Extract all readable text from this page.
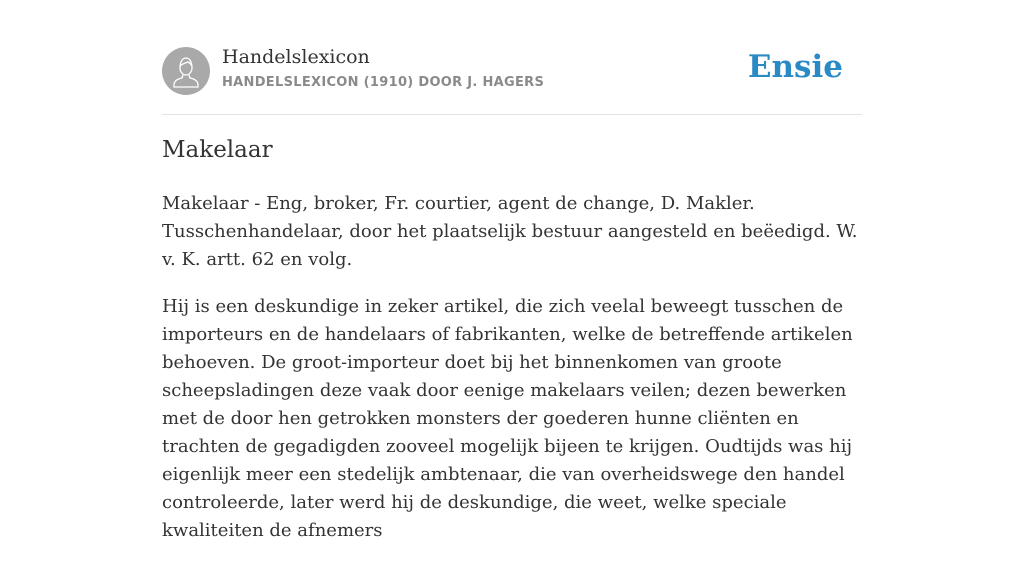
Handelslexicon
HANDELSLEXICON (1910) DOOR J. HAGERS	Ensie
Makelaar

Makelaar - Eng, broker, Fr. courtier, agent de change, D. Makler. Tusschenhandelaar, door het plaatselijk bestuur aangesteld en beëedigd. W. v. K. artt. 62 en volg.

Hij is een deskundige in zeker artikel, die zich veelal beweegt tusschen de importeurs en de handelaars of fabrikanten, welke de betreffende artikelen behoeven. De groot-importeur doet bij het binnenkomen van groote scheepsladingen deze vaak door eenige makelaars veilen; dezen bewerken met de door hen getrokken monsters der goederen hunne cliënten en trachten de gegadigden zooveel mogelijk bijeen te krijgen. Oudtijds was hij eigenlijk meer een stedelijk ambtenaar, die van overheidswege den handel controleerde, later werd hij de deskundige, die weet, welke speciale kwaliteiten de afnemers
